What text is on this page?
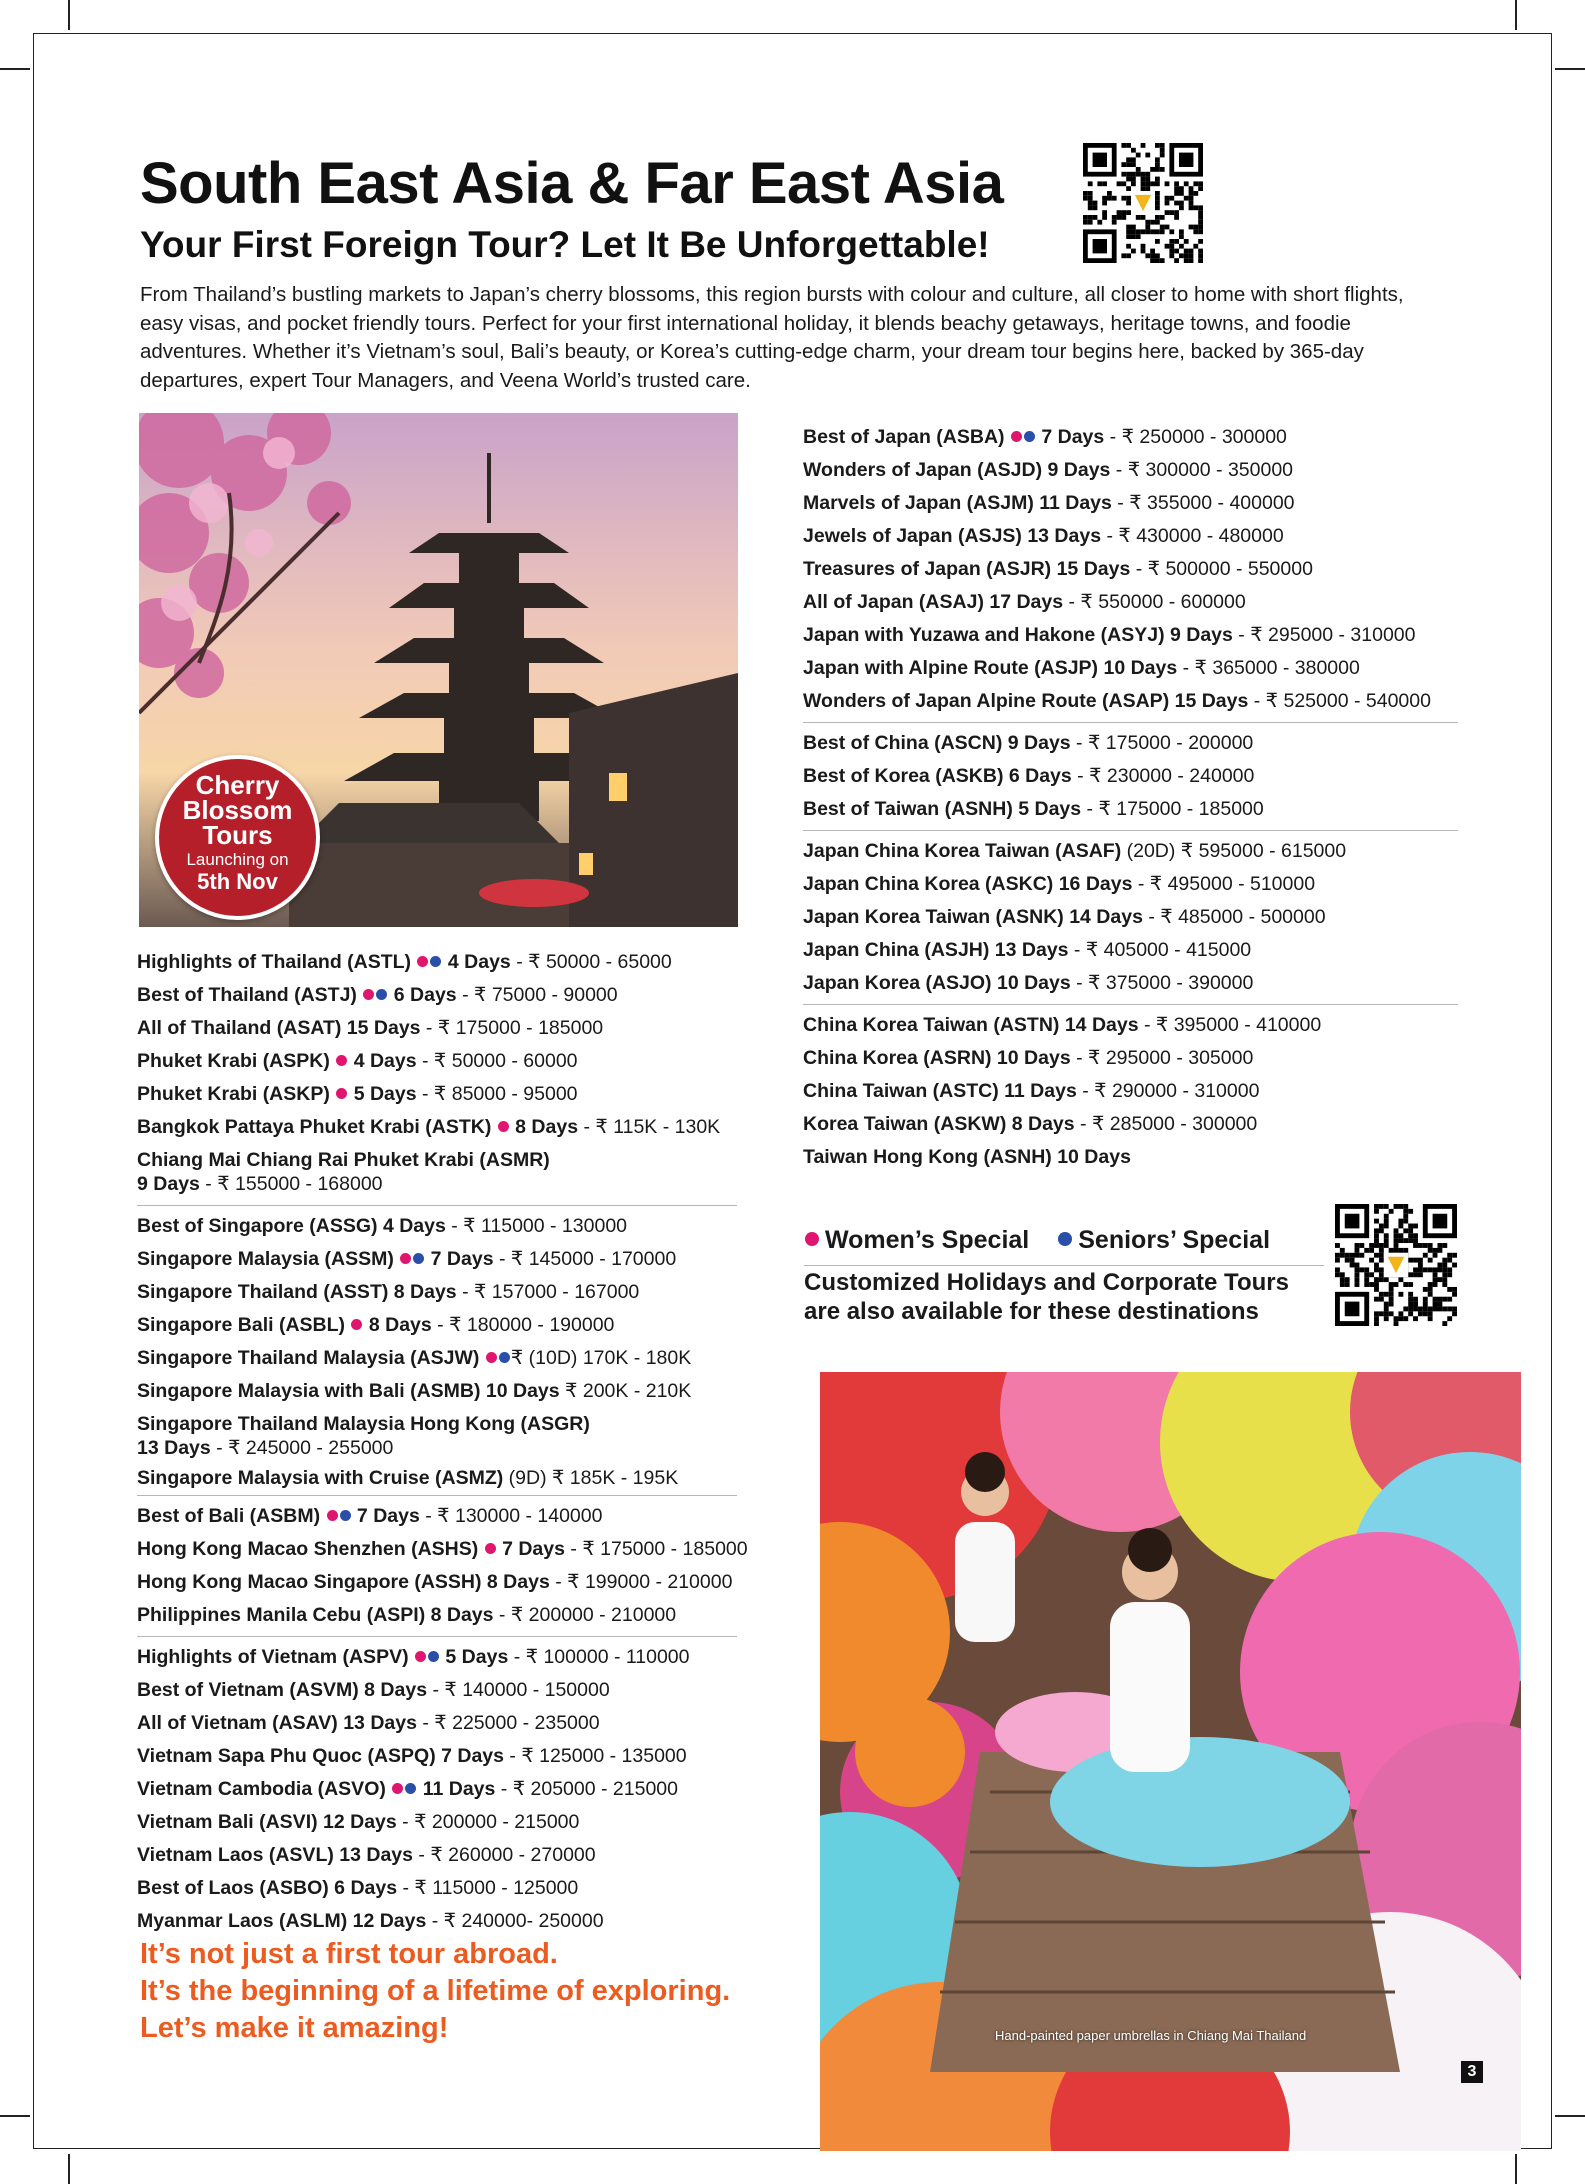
South East Asia & Far East Asia
Your First Foreign Tour? Let It Be Unforgettable!

From Thailand’s bustling markets to Japan’s cherry blossoms, this region bursts with colour and culture, all closer to home with short flights, easy visas, and pocket friendly tours. Perfect for your first international holiday, it blends beachy getaways, heritage towns, and foodie adventures. Whether it’s Vietnam’s soul, Bali’s beauty, or Korea’s cutting-edge charm, your dream tour begins here, backed by 365-day departures, expert Tour Managers, and Veena World’s trusted care.

Cherry
Blossom
Tours
Launching on
5th Nov
Highlights of Thailand (ASTL)  4 Days - ₹ 50000 - 65000
Best of Thailand (ASTJ)  6 Days - ₹ 75000 - 90000
All of Thailand (ASAT) 15 Days - ₹ 175000 - 185000
Phuket Krabi (ASPK)  4 Days - ₹ 50000 - 60000
Phuket Krabi (ASKP)  5 Days - ₹ 85000 - 95000
Bangkok Pattaya Phuket Krabi (ASTK)  8 Days - ₹ 115K - 130K
Chiang Mai Chiang Rai Phuket Krabi (ASMR)
9 Days - ₹ 155000 - 168000
Best of Singapore (ASSG) 4 Days - ₹ 115000 - 130000
Singapore Malaysia (ASSM)  7 Days - ₹ 145000 - 170000
Singapore Thailand (ASST) 8 Days - ₹ 157000 - 167000
Singapore Bali (ASBL)  8 Days - ₹ 180000 - 190000
Singapore Thailand Malaysia (ASJW) ₹ (10D) 170K - 180K
Singapore Malaysia with Bali (ASMB) 10 Days ₹ 200K - 210K
Singapore Thailand Malaysia Hong Kong (ASGR)
13 Days - ₹ 245000 - 255000
Singapore Malaysia with Cruise (ASMZ) (9D) ₹ 185K - 195K
Best of Bali (ASBM)  7 Days - ₹ 130000 - 140000
Hong Kong Macao Shenzhen (ASHS)  7 Days - ₹ 175000 - 185000
Hong Kong Macao Singapore (ASSH) 8 Days - ₹ 199000 - 210000
Philippines Manila Cebu (ASPI) 8 Days - ₹ 200000 - 210000
Highlights of Vietnam (ASPV)  5 Days - ₹ 100000 - 110000
Best of Vietnam (ASVM) 8 Days - ₹ 140000 - 150000
All of Vietnam (ASAV) 13 Days - ₹ 225000 - 235000
Vietnam Sapa Phu Quoc (ASPQ) 7 Days - ₹ 125000 - 135000
Vietnam Cambodia (ASVO)  11 Days - ₹ 205000 - 215000
Vietnam Bali (ASVI) 12 Days - ₹ 200000 - 215000
Vietnam Laos (ASVL) 13 Days - ₹ 260000 - 270000
Best of Laos (ASBO) 6 Days - ₹ 115000 - 125000
Myanmar Laos (ASLM) 12 Days - ₹ 240000- 250000
Best of Japan (ASBA)  7 Days - ₹ 250000 - 300000
Wonders of Japan (ASJD) 9 Days - ₹ 300000 - 350000
Marvels of Japan (ASJM) 11 Days - ₹ 355000 - 400000
Jewels of Japan (ASJS) 13 Days - ₹ 430000 - 480000
Treasures of Japan (ASJR) 15 Days - ₹ 500000 - 550000
All of Japan (ASAJ) 17 Days - ₹ 550000 - 600000
Japan with Yuzawa and Hakone (ASYJ) 9 Days - ₹ 295000 - 310000
Japan with Alpine Route (ASJP) 10 Days - ₹ 365000 - 380000
Wonders of Japan Alpine Route (ASAP) 15 Days - ₹ 525000 - 540000
Best of China (ASCN) 9 Days - ₹ 175000 - 200000
Best of Korea (ASKB) 6 Days - ₹ 230000 - 240000
Best of Taiwan (ASNH) 5 Days - ₹ 175000 - 185000
Japan China Korea Taiwan (ASAF) (20D) ₹ 595000 - 615000
Japan China Korea (ASKC) 16 Days - ₹ 495000 - 510000
Japan Korea Taiwan (ASNK) 14 Days - ₹ 485000 - 500000
Japan China (ASJH) 13 Days - ₹ 405000 - 415000
Japan Korea (ASJO) 10 Days - ₹ 375000 - 390000
China Korea Taiwan (ASTN) 14 Days - ₹ 395000 - 410000
China Korea (ASRN) 10 Days - ₹ 295000 - 305000
China Taiwan (ASTC) 11 Days - ₹ 290000 - 310000
Korea Taiwan (ASKW) 8 Days - ₹ 285000 - 300000
Taiwan Hong Kong (ASNH) 10 Days
Women’s Special Seniors’ Special

Customized Holidays and Corporate Tours
are also available for these destinations

Hand-painted paper umbrellas in Chiang Mai Thailand
3

It’s not just a first tour abroad.
It’s the beginning of a lifetime of exploring.
Let’s make it amazing!
